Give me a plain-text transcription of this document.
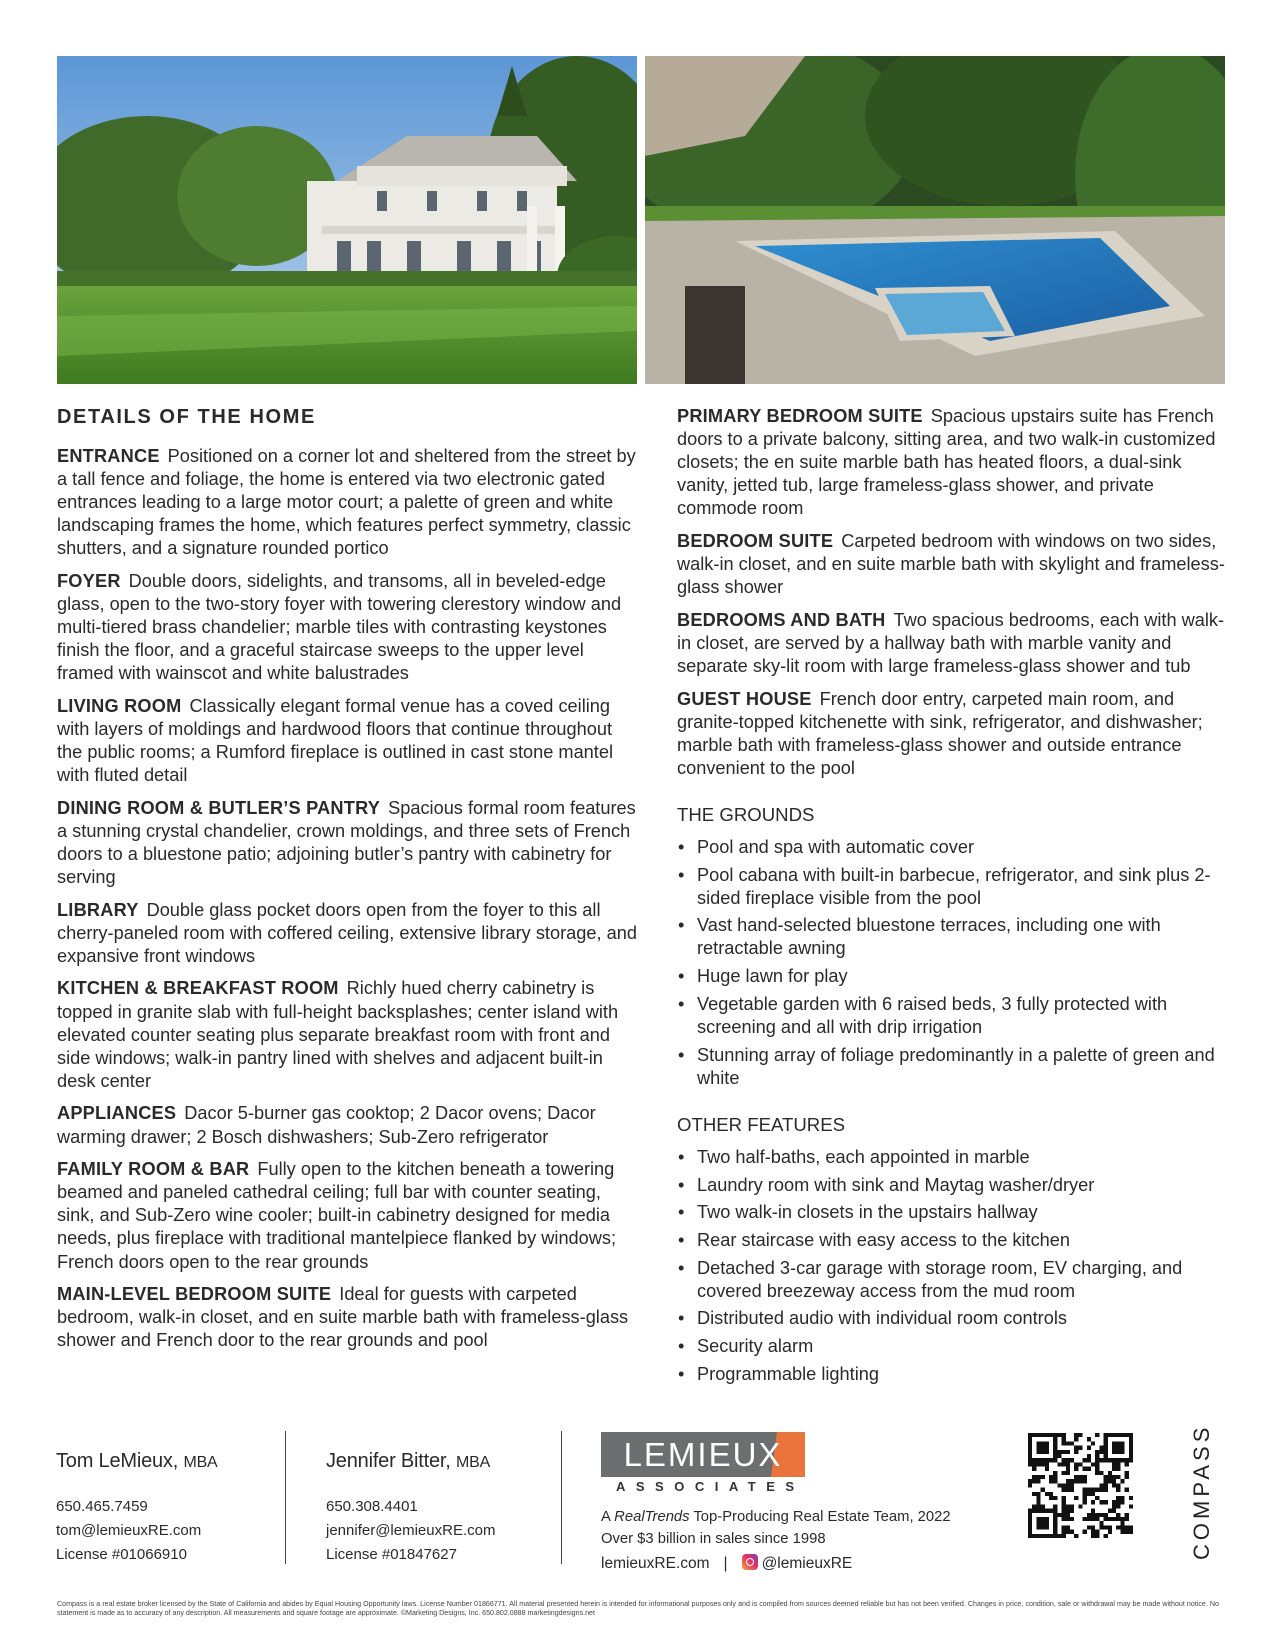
DETAILS OF THE HOME
ENTRANCE Positioned on a corner lot and sheltered from the street by a tall fence and foliage, the home is entered via two electronic gated entrances leading to a large motor court; a palette of green and white landscaping frames the home, which features perfect symmetry, classic shutters, and a signature rounded portico
FOYER Double doors, sidelights, and transoms, all in beveled-edge glass, open to the two-story foyer with towering clerestory window and multi-tiered brass chandelier; marble tiles with contrasting keystones finish the floor, and a graceful staircase sweeps to the upper level framed with wainscot and white balustrades
LIVING ROOM Classically elegant formal venue has a coved ceiling with layers of moldings and hardwood floors that continue throughout the public rooms; a Rumford fireplace is outlined in cast stone mantel with fluted detail
DINING ROOM & BUTLER’S PANTRY Spacious formal room features a stunning crystal chandelier, crown moldings, and three sets of French doors to a bluestone patio; adjoining butler’s pantry with cabinetry for serving
LIBRARY Double glass pocket doors open from the foyer to this all cherry-paneled room with coffered ceiling, extensive library storage, and expansive front windows
KITCHEN & BREAKFAST ROOM Richly hued cherry cabinetry is topped in granite slab with full-height backsplashes; center island with elevated counter seating plus separate breakfast room with front and side windows; walk-in pantry lined with shelves and adjacent built-in desk center
APPLIANCES Dacor 5-burner gas cooktop; 2 Dacor ovens; Dacor warming drawer; 2 Bosch dishwashers; Sub-Zero refrigerator
FAMILY ROOM & BAR Fully open to the kitchen beneath a towering beamed and paneled cathedral ceiling; full bar with counter seating, sink, and Sub-Zero wine cooler; built-in cabinetry designed for media needs, plus fireplace with traditional mantelpiece flanked by windows; French doors open to the rear grounds
MAIN-LEVEL BEDROOM SUITE Ideal for guests with carpeted bedroom, walk-in closet, and en suite marble bath with frameless-glass shower and French door to the rear grounds and pool
PRIMARY BEDROOM SUITE Spacious upstairs suite has French doors to a private balcony, sitting area, and two walk-in customized closets; the en suite marble bath has heated floors, a dual-sink vanity, jetted tub, large frameless-glass shower, and private commode room
BEDROOM SUITE Carpeted bedroom with windows on two sides, walk-in closet, and en suite marble bath with skylight and frameless-glass shower
BEDROOMS AND BATH Two spacious bedrooms, each with walk-in closet, are served by a hallway bath with marble vanity and separate sky-lit room with large frameless-glass shower and tub
GUEST HOUSE French door entry, carpeted main room, and granite-topped kitchenette with sink, refrigerator, and dishwasher; marble bath with frameless-glass shower and outside entrance convenient to the pool
THE GROUNDS
• Pool and spa with automatic cover
• Pool cabana with built-in barbecue, refrigerator, and sink plus 2-sided fireplace visible from the pool
• Vast hand-selected bluestone terraces, including one with retractable awning
• Huge lawn for play
• Vegetable garden with 6 raised beds, 3 fully protected with screening and all with drip irrigation
• Stunning array of foliage predominantly in a palette of green and white
OTHER FEATURES
• Two half-baths, each appointed in marble
• Laundry room with sink and Maytag washer/dryer
• Two walk-in closets in the upstairs hallway
• Rear staircase with easy access to the kitchen
• Detached 3-car garage with storage room, EV charging, and covered breezeway access from the mud room
• Distributed audio with individual room controls
• Security alarm
• Programmable lighting
Tom LeMieux, MBA
650.465.7459
tom@lemieuxRE.com
License #01066910
Jennifer Bitter, MBA
650.308.4401
jennifer@lemieuxRE.com
License #01847627
LEMIEUX
ASSOCIATES
A RealTrends Top-Producing Real Estate Team, 2022
Over $3 billion in sales since 1998
lemieuxRE.com | @lemieuxRE
COMPASS
Compass is a real estate broker licensed by the State of California and abides by Equal Housing Opportunity laws. License Number 01866771. All material presented herein is intended for informational purposes only and is compiled from sources deemed reliable but has not been verified. Changes in price, condition, sale or withdrawal may be made without notice. No statement is made as to accuracy of any description. All measurements and square footage are approximate. ©Marketing Designs, Inc. 650.802.0888 marketingdesigns.net
